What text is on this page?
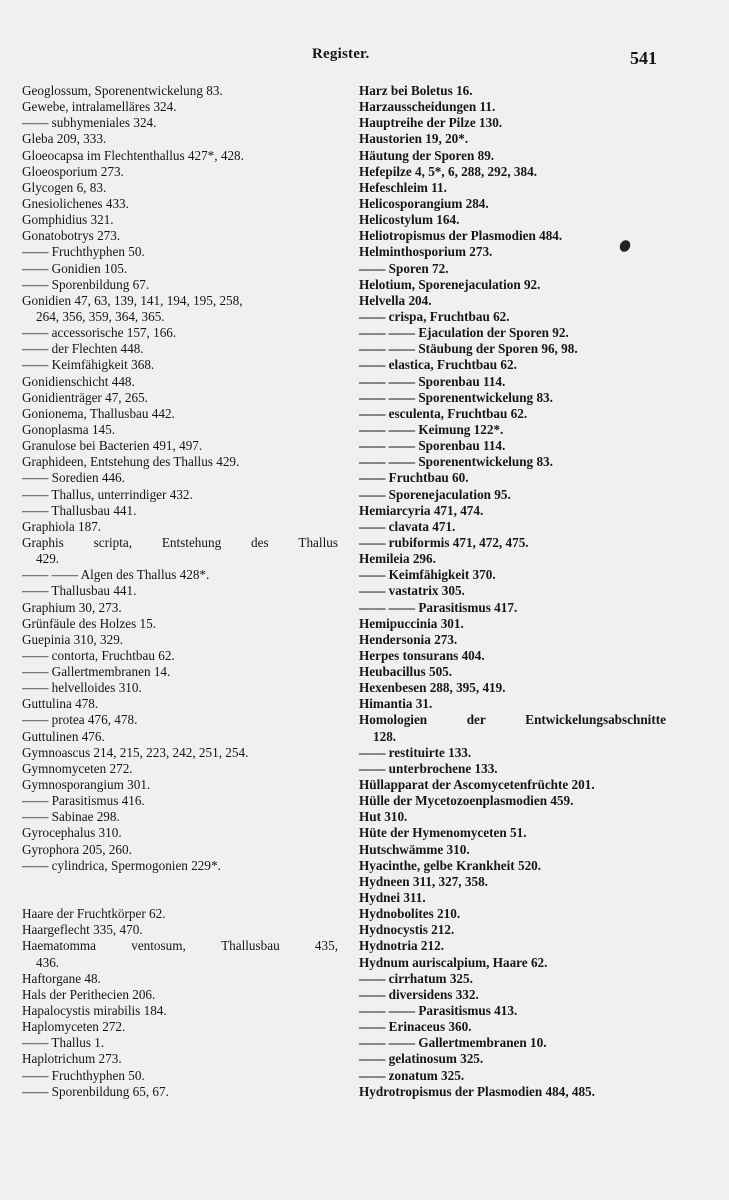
Register.	541
Geoglossum, Sporenentwickelung 83.
Gewebe, intralamelläres 324.
—— subhymeniales 324.
Gleba 209, 333.
Gloeocapsa im Flechtenthallus 427*, 428.
Gloeosporium 273.
Glycogen 6, 83.
Gnesiolichenes 433.
Gomphidius 321.
Gonatobotrys 273.
—— Fruchthyphen 50.
—— Gonidien 105.
—— Sporenbildung 67.
Gonidien 47, 63, 139, 141, 194, 195, 258,
264, 356, 359, 364, 365.
—— accessorische 157, 166.
—— der Flechten 448.
—— Keimfähigkeit 368.
Gonidienschicht 448.
Gonidienträger 47, 265.
Gonionema, Thallusbau 442.
Gonoplasma 145.
Granulose bei Bacterien 491, 497.
Graphideen, Entstehung des Thallus 429.
—— Soredien 446.
—— Thallus, unterrindiger 432.
—— Thallusbau 441.
Graphiola 187.
Graphis scripta, Entstehung des Thallus
429.
—— —— Algen des Thallus 428*.
—— Thallusbau 441.
Graphium 30, 273.
Grünfäule des Holzes 15.
Guepinia 310, 329.
—— contorta, Fruchtbau 62.
—— Gallertmembranen 14.
—— helvelloides 310.
Guttulina 478.
—— protea 476, 478.
Guttulinen 476.
Gymnoascus 214, 215, 223, 242, 251, 254.
Gymnomyceten 272.
Gymnosporangium 301.
—— Parasitismus 416.
—— Sabinae 298.
Gyrocephalus 310.
Gyrophora 205, 260.
—— cylindrica, Spermogonien 229*.
Haare der Fruchtkörper 62.
Haargeflecht 335, 470.
Haematomma	ventosum,	Thallusbau	435,
436.
Haftorgane 48.
Hals der Perithecien 206.
Hapalocystis mirabilis 184.
Haplomyceten 272.
—— Thallus 1.
Haplotrichum 273.
—— Fruchthyphen 50.
—— Sporenbildung 65, 67.
Harz bei Boletus 16.
Harzausscheidungen 11.
Hauptreihe der Pilze 130.
Haustorien 19, 20*.
Häutung der Sporen 89.
Hefepilze 4, 5*, 6, 288, 292, 384.
Hefeschleim 11.
Helicosporangium 284.
Helicostylum 164.
Heliotropismus der Plasmodien 484.
Helminthosporium 273.
—— Sporen 72.
Helotium, Sporenejaculation 92.
Helvella 204.
—— crispa, Fruchtbau 62.
—— —— Ejaculation der Sporen 92.
—— —— Stäubung der Sporen 96, 98.
—— elastica, Fruchtbau 62.
—— —— Sporenbau 114.
—— —— Sporenentwickelung 83.
—— esculenta, Fruchtbau 62.
—— —— Keimung 122*.
—— —— Sporenbau 114.
—— —— Sporenentwickelung 83.
—— Fruchtbau 60.
—— Sporenejaculation 95.
Hemiarcyria 471, 474.
—— clavata 471.
—— rubiformis 471, 472, 475.
Hemileia 296.
—— Keimfähigkeit 370.
—— vastatrix 305.
—— —— Parasitismus 417.
Hemipuccinia 301.
Hendersonia 273.
Herpes tonsurans 404.
Heubacillus 505.
Hexenbesen 288, 395, 419.
Himantia 31.
Homologien	der	Entwickelungsabschnitte
128.
—— restituirte 133.
—— unterbrochene 133.
Hüllapparat der Ascomycetenfrüchte 201.
Hülle der Mycetozoenplasmodien 459.
Hut 310.
Hüte der Hymenomyceten 51.
Hutschwämme 310.
Hyacinthe, gelbe Krankheit 520.
Hydneen 311, 327, 358.
Hydnei 311.
Hydnobolites 210.
Hydnocystis 212.
Hydnotria 212.
Hydnum auriscalpium, Haare 62.
—— cirrhatum 325.
—— diversidens 332.
—— —— Parasitismus 413.
—— Erinaceus 360.
—— —— Gallertmembranen 10.
—— gelatinosum 325.
—— zonatum 325.
Hydrotropismus der Plasmodien 484, 485.
